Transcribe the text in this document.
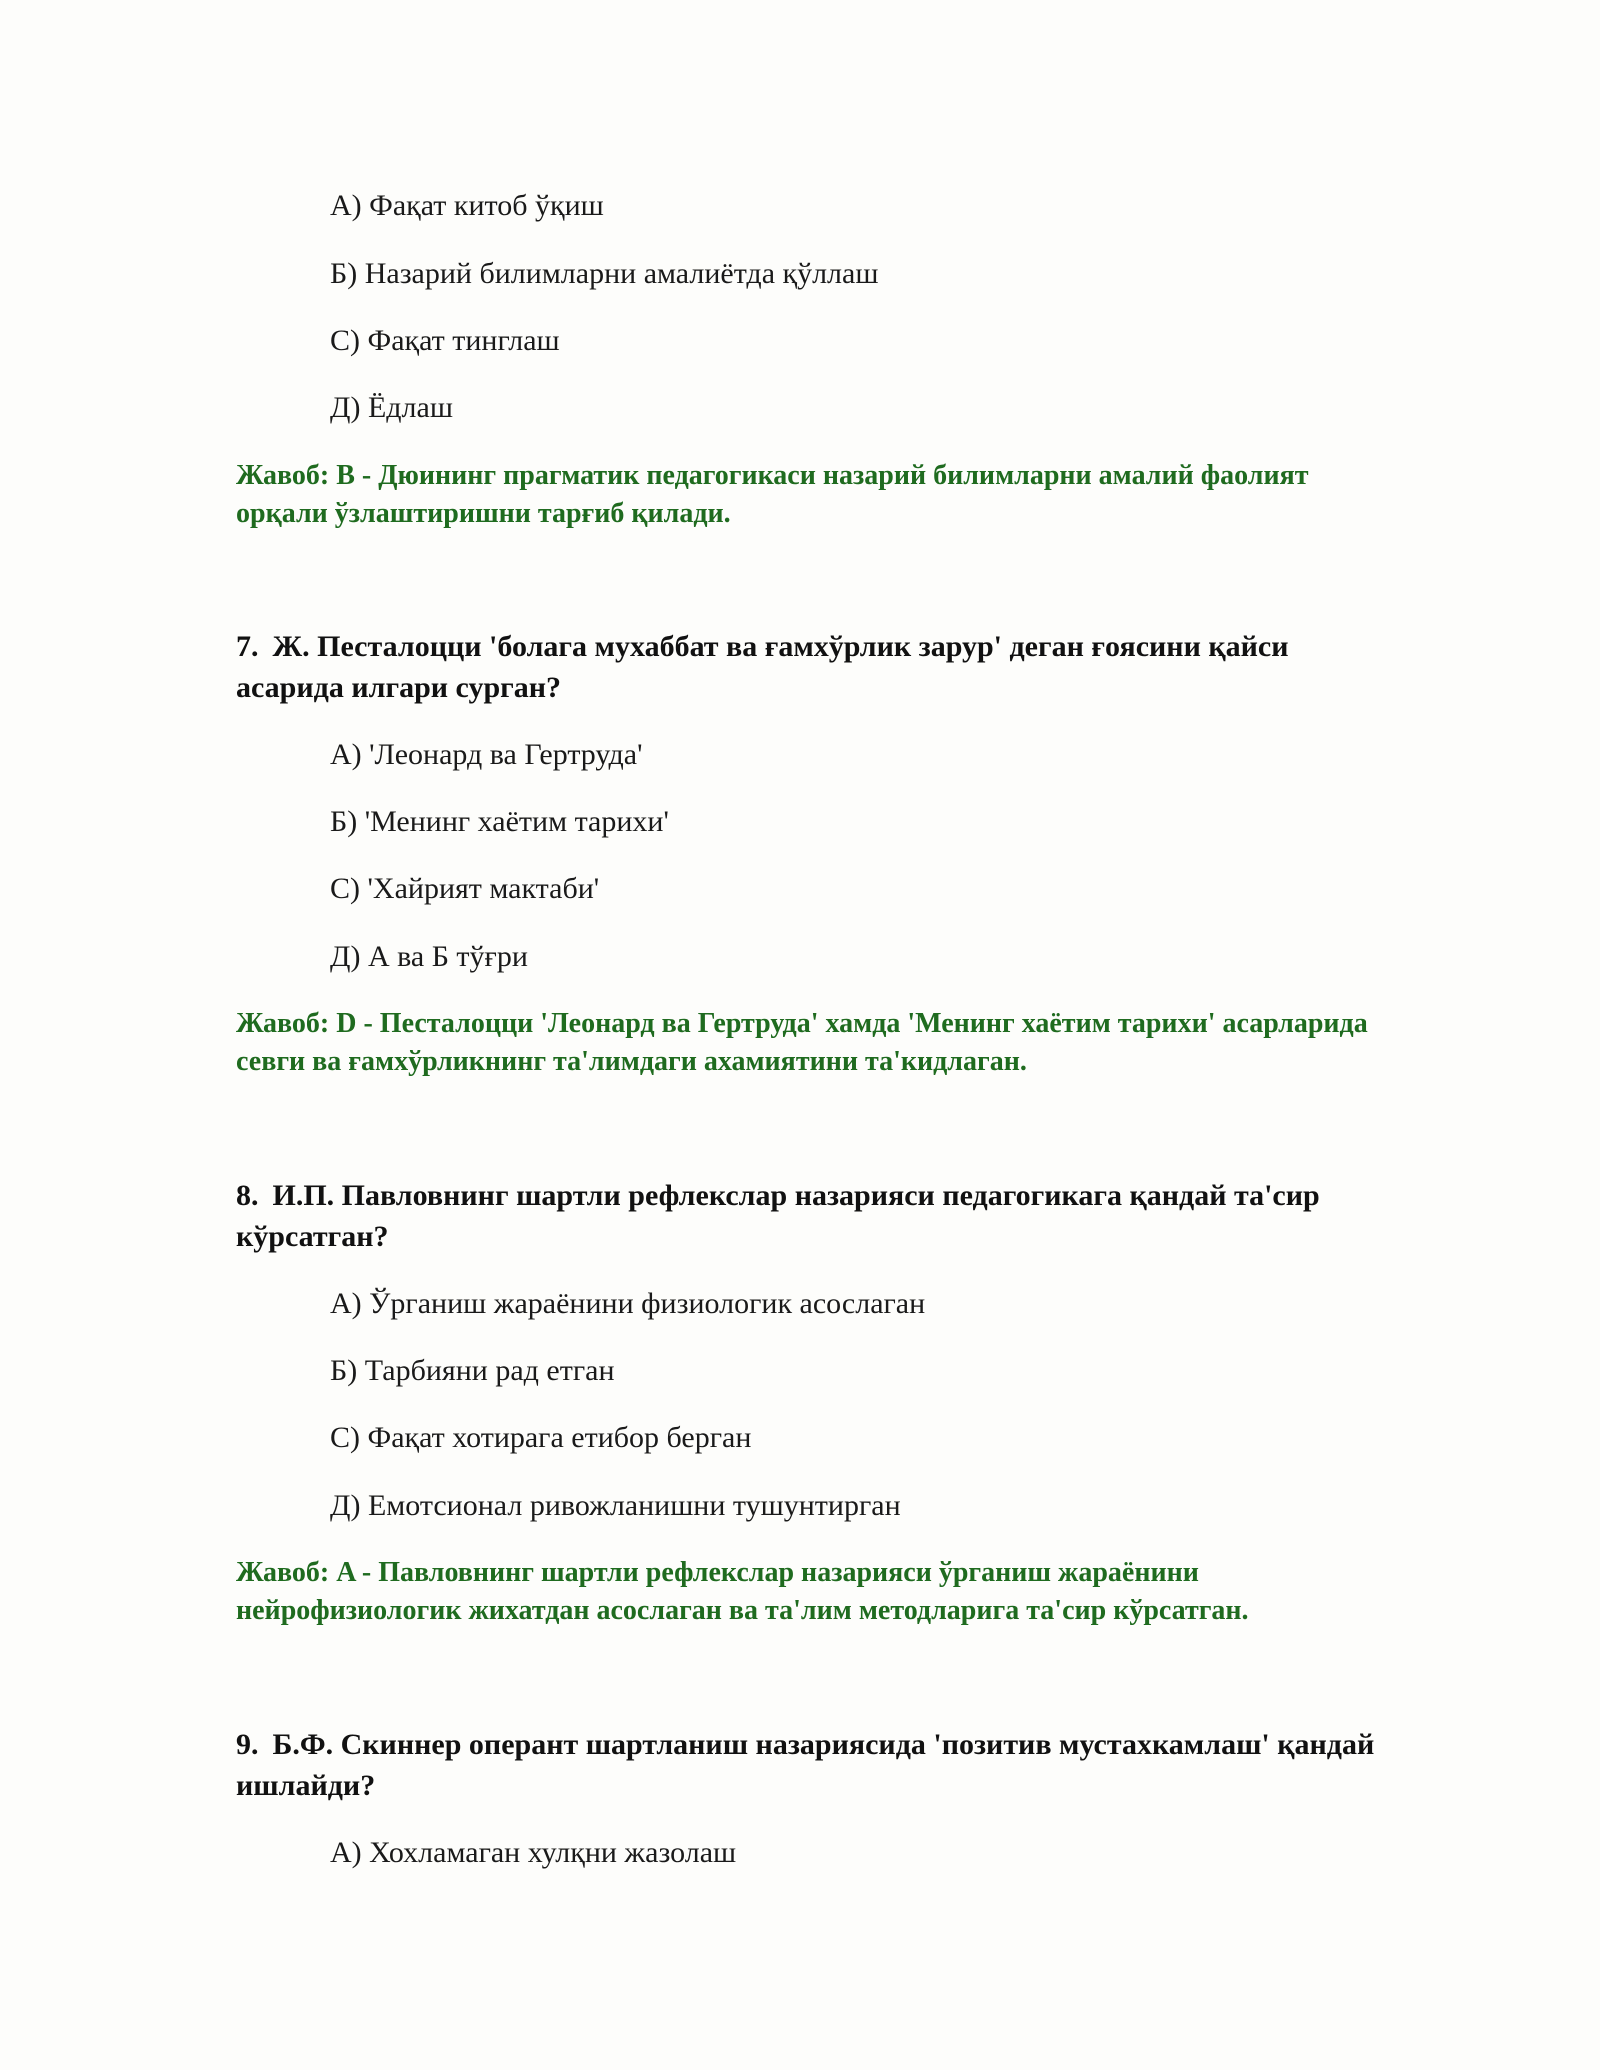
А) Фақат китоб ўқиш
Б) Назарий билимларни амалиётда қўллаш
С) Фақат тинглаш
Д) Ёдлаш
Жавоб: B - Дюининг прагматик педагогикаси назарий билимларни амалий фаолият орқали ўзлаштиришни тарғиб қилади.
7. Ж. Песталоцци 'болага мухаббат ва ғамхўрлик зарур' деган ғоясини қайси асарида илгари сурган?
А) 'Леонард ва Гертруда'
Б) 'Менинг хаётим тарихи'
С) 'Хайрият мактаби'
Д) А ва Б тўғри
Жавоб: D - Песталоцци 'Леонард ва Гертруда' хамда 'Менинг хаётим тарихи' асарларида севги ва ғамхўрликнинг та'лимдаги ахамиятини та'кидлаган.
8. И.П. Павловнинг шартли рефлекслар назарияси педагогикага қандай та'сир кўрсатган?
А) Ўрганиш жараёнини физиологик асослаган
Б) Тарбияни рад етган
С) Фақат хотирага етибор берган
Д) Емотсионал ривожланишни тушунтирган
Жавоб: A - Павловнинг шартли рефлекслар назарияси ўрганиш жараёнини нейрофизиологик жихатдан асослаган ва та'лим методларига та'сир кўрсатган.
9. Б.Ф. Скиннер оперант шартланиш назариясида 'позитив мустахкамлаш' қандай ишлайди?
А) Хохламаган хулқни жазолаш
